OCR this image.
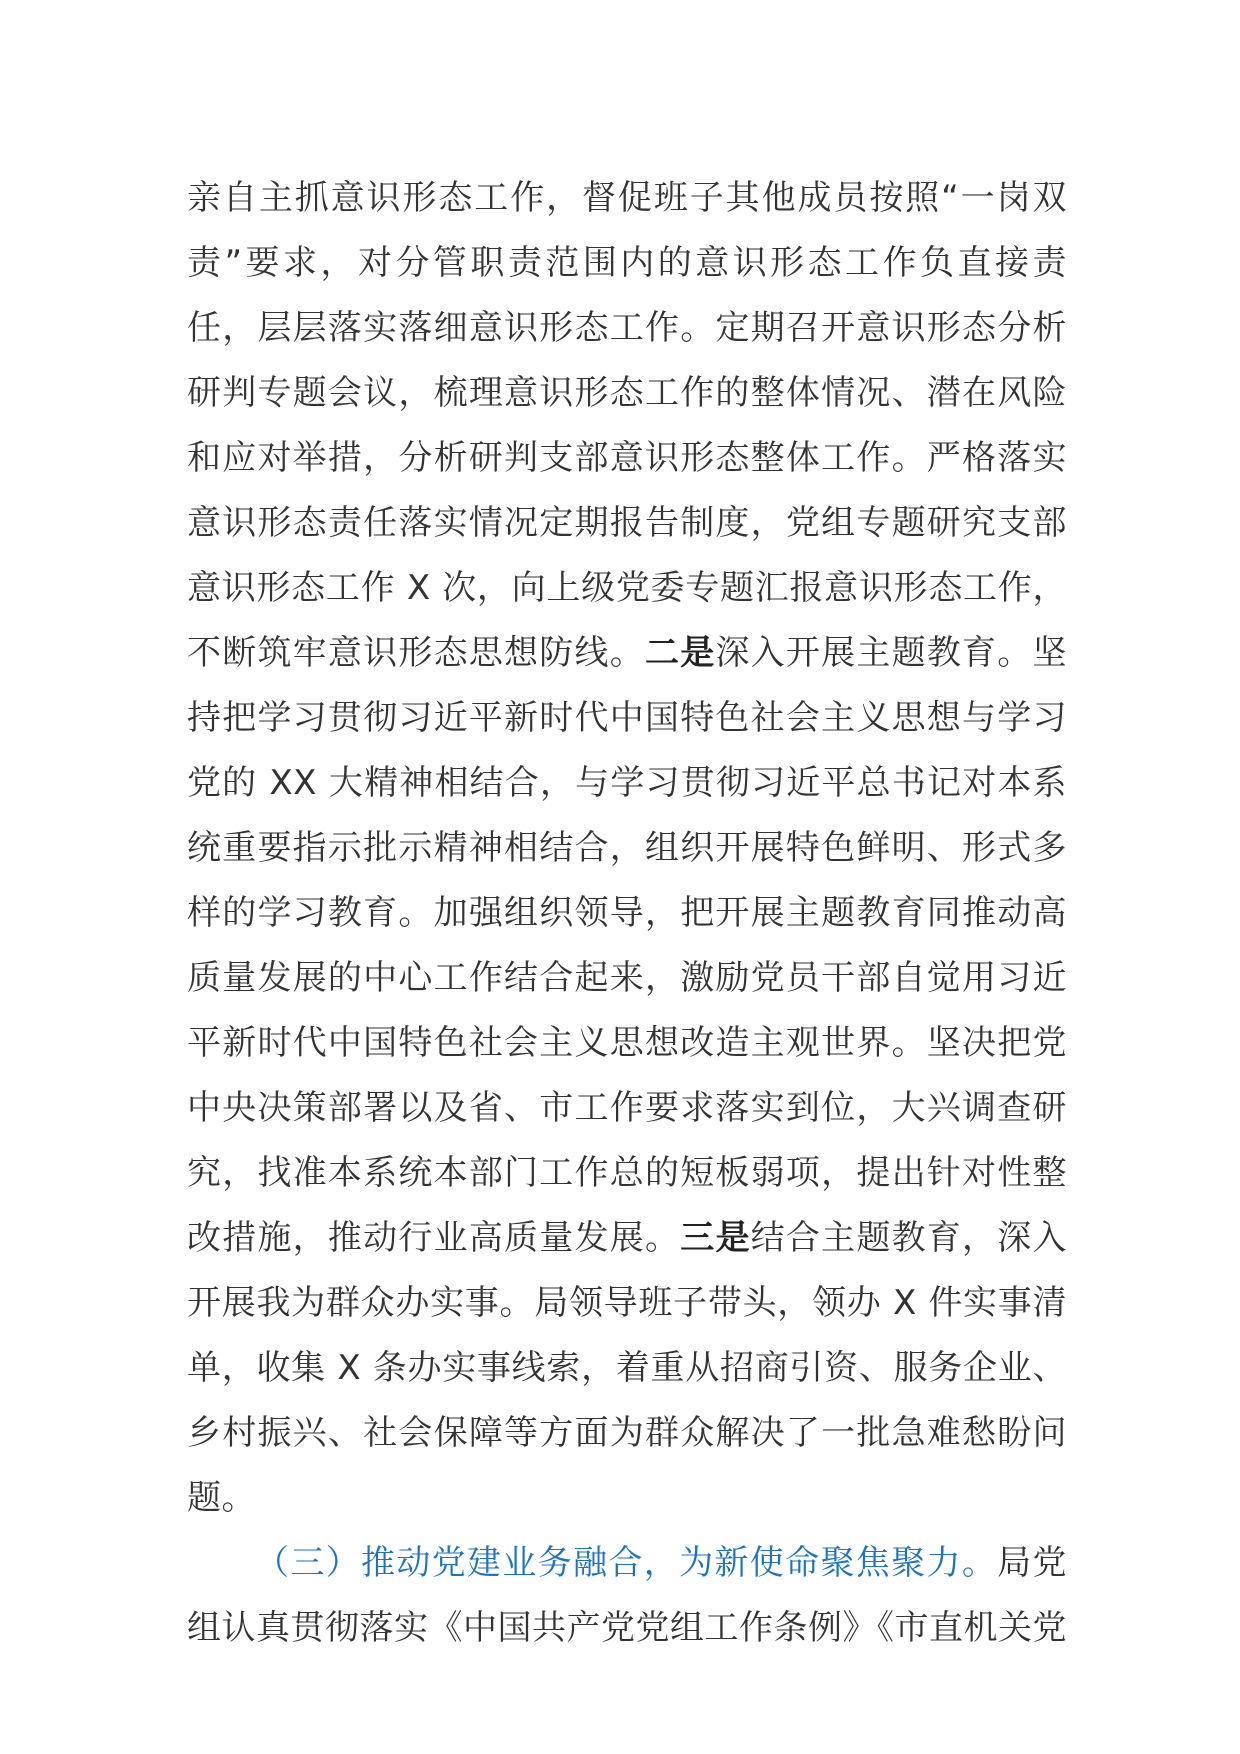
亲自主抓意识形态工作，督促班子其他成员按照“一岗双责”要求，对分管职责范围内的意识形态工作负直接责任，层层落实落细意识形态工作。定期召开意识形态分析研判专题会议，梳理意识形态工作的整体情况、潜在风险和应对举措，分析研判支部意识形态整体工作。严格落实意识形态责任落实情况定期报告制度，党组专题研究支部意识形态工作 X 次，向上级党委专题汇报意识形态工作，不断筑牢意识形态思想防线。二是深入开展主题教育。坚持把学习贯彻习近平新时代中国特色社会主义思想与学习党的 XX 大精神相结合，与学习贯彻习近平总书记对本系统重要指示批示精神相结合，组织开展特色鲜明、形式多样的学习教育。加强组织领导，把开展主题教育同推动高质量发展的中心工作结合起来，激励党员干部自觉用习近平新时代中国特色社会主义思想改造主观世界。坚决把党中央决策部署以及省、市工作要求落实到位，大兴调查研究，找准本系统本部门工作总的短板弱项，提出针对性整改措施，推动行业高质量发展。三是结合主题教育，深入开展我为群众办实事。局领导班子带头，领办 X 件实事清单，收集 X 条办实事线索，着重从招商引资、服务企业、乡村振兴、社会保障等方面为群众解决了一批急难愁盼问题。

（三）推动党建业务融合，为新使命聚焦聚力。局党组认真贯彻落实《中国共产党党组工作条例》《市直机关党
